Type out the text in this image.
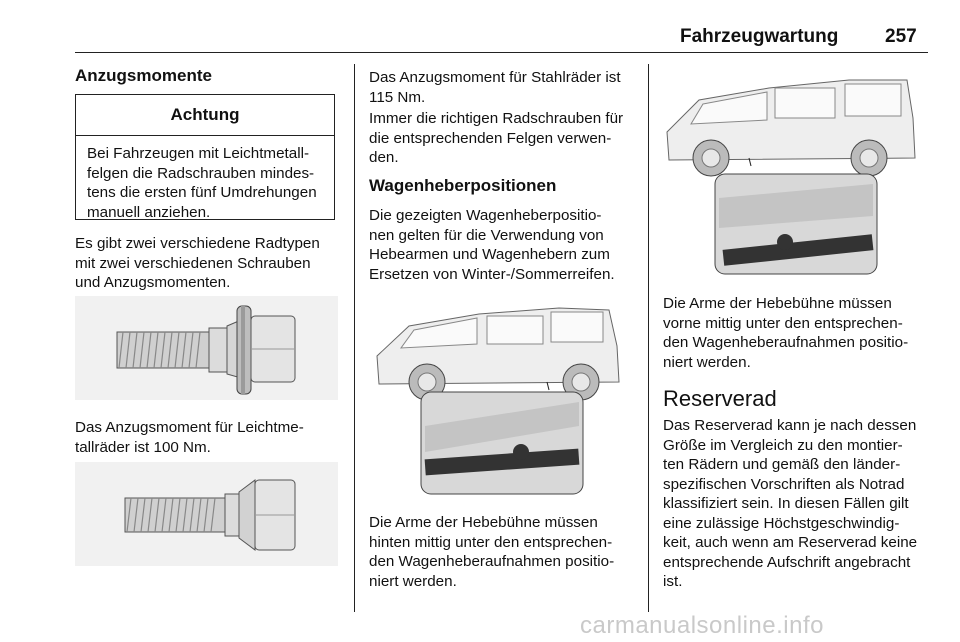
Fahrzeugwartung 257
Anzugsmomente
Achtung
Bei Fahrzeugen mit Leichtmetall-
felgen die Radschrauben mindes-
tens die ersten fünf Umdrehungen
manuell anziehen.

Es gibt zwei verschiedene Radtypen
mit zwei verschiedenen Schrauben
und Anzugsmomenten.

Das Anzugsmoment für Leichtme-
tallräder ist 100 Nm.

Das Anzugsmoment für Stahlräder ist
115 Nm.

Immer die richtigen Radschrauben für
die entsprechenden Felgen verwen-
den.

Wagenheberpositionen

Die gezeigten Wagenheberpositio-
nen gelten für die Verwendung von
Hebearmen und Wagenhebern zum
Ersetzen von Winter-/Sommerreifen.

Die Arme der Hebebühne müssen
hinten mittig unter den entsprechen-
den Wagenheberaufnahmen positio-
niert werden.

Die Arme der Hebebühne müssen
vorne mittig unter den entsprechen-
den Wagenheberaufnahmen positio-
niert werden.

Reserverad

Das Reserverad kann je nach dessen
Größe im Vergleich zu den montier-
ten Rädern und gemäß den länder-
spezifischen Vorschriften als Notrad
klassifiziert sein. In diesen Fällen gilt
eine zulässige Höchstgeschwindig-
keit, auch wenn am Reserverad keine
entsprechende Aufschrift angebracht
ist.

carmanualsonline.info
